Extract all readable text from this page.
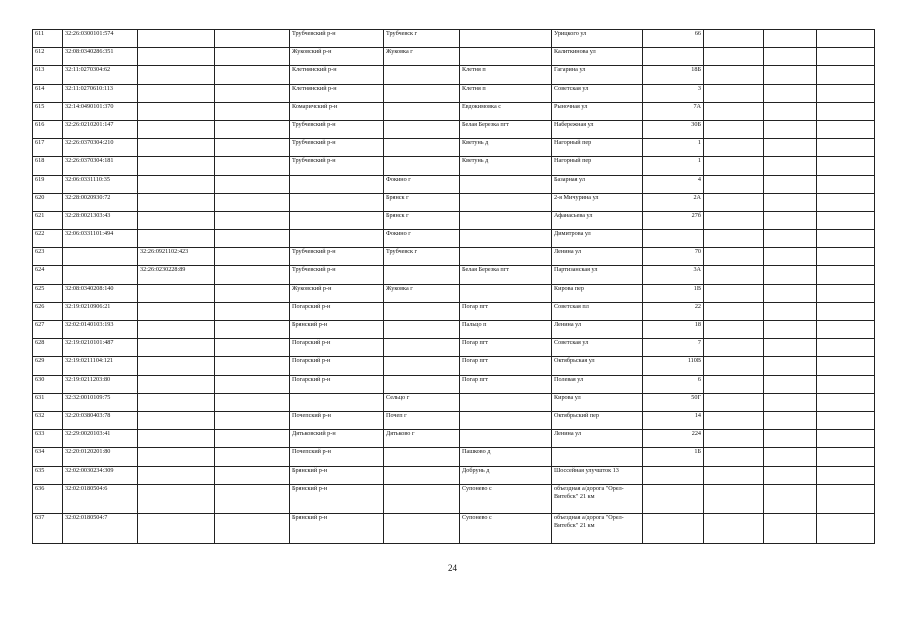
611	32:26:0300101:574			Трубчевский р-н	Трубчевск г		Урицкого ул	66			
612	32:08:0340286:351			Жуковский р-н	Жуковка г		Калиткинова ул				
613	32:11:0270304:62			Клетнянский р-н		Клетня п	Гагарина ул	18Б			
614	32:11:0270610:113			Клетнянский р-н		Клетня п	Советская ул	3			
615	32:14:0490101:370			Комаричский р-н		Евдокимовка с	Рыночная ул	7А			
616	32:26:0210201:147			Трубчевский р-н		Белая Березка пгт	Набережная ул	30Б			
617	32:26:0370304:210			Трубчевский р-н		Кветунь д	Нагорный пер	1			
618	32:26:0370304:181			Трубчевский р-н		Кветунь д	Нагорный пер	1			
619	32:06:0331110:35				Фокино г		Базарная ул	4			
620	32:28:0020930:72				Брянск г		2-я Мичурина ул	2А			
621	32:28:0021303:43				Брянск г		Афанасьева ул	27б			
622	32:06:0331101:494				Фокино г		Димитрова ул				
623		32:26:0921102:423		Трубчевский р-н	Трубчевск г		Ленина ул	70			
624		32:26:0230228:89		Трубчевский р-н		Белая Березка пгт	Партизанская ул	3А			
625	32:08:0340208:140			Жуковский р-н	Жуковка г		Кирова пер	1В			
626	32:19:0210906:21			Погарский р-н		Погар пгт	Советская пл	22			
627	32:02:0140103:193			Брянский р-н		Пальцо п	Ленина ул	18			
628	32:19:0210101:487			Погарский р-н		Погар пгт	Советская ул	7			
629	32:19:0211104:121			Погарский р-н		Погар пгт	Октябрьская ул	110В			
630	32:19:0211203:80			Погарский р-н		Погар пгт	Полевая ул	6			
631	32:32:0010109:75				Сельцо г		Кирова ул	50Г			
632	32:20:0380403:78			Почепский р-н	Почеп г		Октябрьский пер	14			
633	32:29:0020103:41			Дятьковский р-н	Дятьково г		Ленина ул	224			
634	32:20:0120201:80			Почепский р-н		Пашково д		1Б			
635	32:02:0030234:309			Брянский р-н		Добрунь д	Шоссейная улучшток 13				
636	32:02:0180504:6			Брянский р-н		Супонево с	объездная а/дорога "Орел-Витебск" 21 км				
637	32:02:0180504:7			Брянский р-н		Супонево с	объездная а/дорога "Орел-Витебск" 21 км				
24
